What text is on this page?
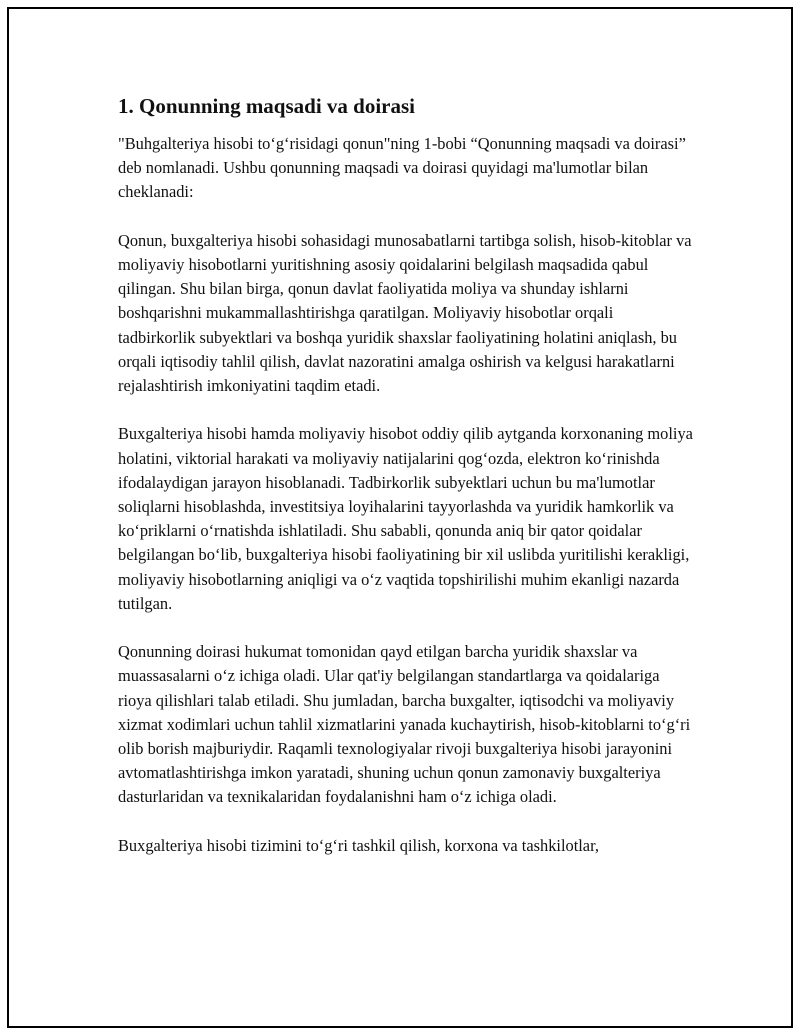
1. Qonunning maqsadi va doirasi

"Buhgalteriya hisobi toʻgʻrisidagi qonun"ning 1-bobi “Qonunning maqsadi va doirasi” deb nomlanadi. Ushbu qonunning maqsadi va doirasi quyidagi ma'lumotlar bilan cheklanadi:

Qonun, buxgalteriya hisobi sohasidagi munosabatlarni tartibga solish, hisob-kitoblar va moliyaviy hisobotlarni yuritishning asosiy qoidalarini belgilash maqsadida qabul qilingan. Shu bilan birga, qonun davlat faoliyatida moliya va shunday ishlarni boshqarishni mukammallashtirishga qaratilgan. Moliyaviy hisobotlar orqali tadbirkorlik subyektlari va boshqa yuridik shaxslar faoliyatining holatini aniqlash, bu orqali iqtisodiy tahlil qilish, davlat nazoratini amalga oshirish va kelgusi harakatlarni rejalashtirish imkoniyatini taqdim etadi.

Buxgalteriya hisobi hamda moliyaviy hisobot oddiy qilib aytganda korxonaning moliya holatini, viktorial harakati va moliyaviy natijalarini qogʻozda, elektron koʻrinishda ifodalaydigan jarayon hisoblanadi. Tadbirkorlik subyektlari uchun bu ma'lumotlar soliqlarni hisoblashda, investitsiya loyihalarini tayyorlashda va yuridik hamkorlik va koʻpriklarni oʻrnatishda ishlatiladi. Shu sababli, qonunda aniq bir qator qoidalar belgilangan boʻlib, buxgalteriya hisobi faoliyatining bir xil uslibda yuritilishi kerakligi, moliyaviy hisobotlarning aniqligi va oʻz vaqtida topshirilishi muhim ekanligi nazarda tutilgan.

Qonunning doirasi hukumat tomonidan qayd etilgan barcha yuridik shaxslar va muassasalarni oʻz ichiga oladi. Ular qat'iy belgilangan standartlarga va qoidalariga rioya qilishlari talab etiladi. Shu jumladan, barcha buxgalter, iqtisodchi va moliyaviy xizmat xodimlari uchun tahlil xizmatlarini yanada kuchaytirish, hisob-kitoblarni toʻgʻri olib borish majburiydir. Raqamli texnologiyalar rivoji buxgalteriya hisobi jarayonini avtomatlashtirishga imkon yaratadi, shuning uchun qonun zamonaviy buxgalteriya dasturlaridan va texnikalaridan foydalanishni ham oʻz ichiga oladi.

Buxgalteriya hisobi tizimini toʻgʻri tashkil qilish, korxona va tashkilotlar,
